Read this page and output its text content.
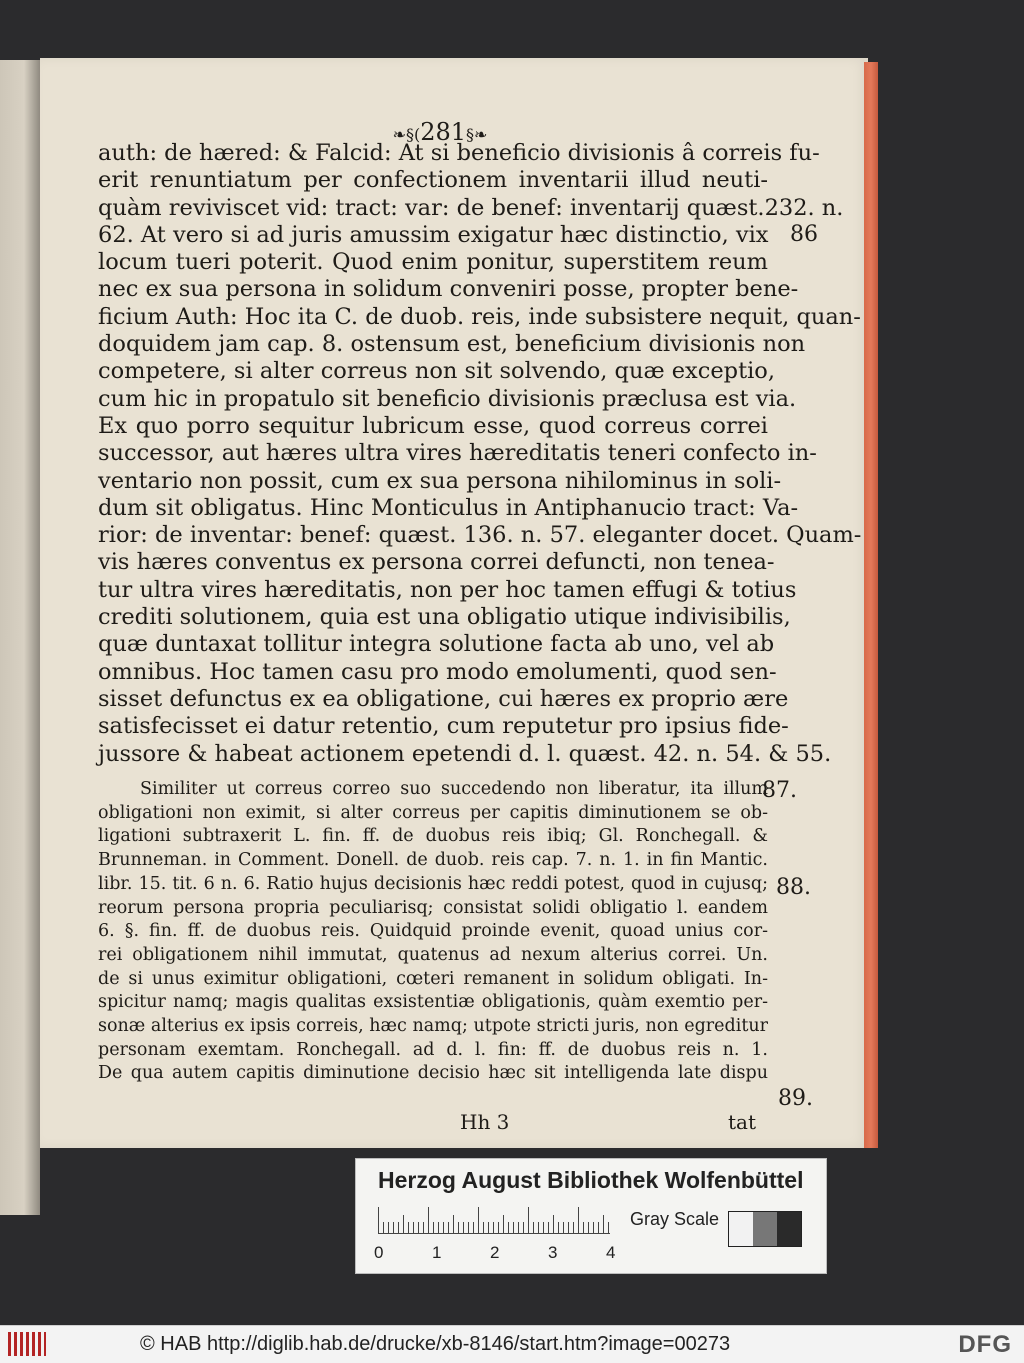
❧§(281§❧
auth: de hæred: & Falcid: At si beneficio divisionis â correis fu-
erit renuntiatum per confectionem inventarii illud neuti-
quàm reviviscet vid: tract: var: de benef: inventarij quæst.232. n.
62. At vero si ad juris amussim exigatur hæc distinctio, vix
locum tueri poterit. Quod enim ponitur, superstitem reum
nec ex sua persona in solidum conveniri posse, propter bene-
ficium Auth: Hoc ita C. de duob. reis, inde subsistere nequit, quan-
doquidem jam cap. 8. ostensum est, beneficium divisionis non
competere, si alter correus non sit solvendo, quæ exceptio,
cum hic in propatulo sit beneficio divisionis præclusa est via.
Ex quo porro sequitur lubricum esse, quod correus correi
successor, aut hæres ultra vires hæreditatis teneri confecto in-
ventario non possit, cum ex sua persona nihilominus in soli-
dum sit obligatus. Hinc Monticulus in Antiphanucio tract: Va-
rior: de inventar: benef: quæst. 136. n. 57. eleganter docet. Quam-
vis hæres conventus ex persona correi defuncti, non tenea-
tur ultra vires hæreditatis, non per hoc tamen effugi & totius
crediti solutionem, quia est una obligatio utique indivisibilis,
quæ duntaxat tollitur integra solutione facta ab uno, vel ab
omnibus. Hoc tamen casu pro modo emolumenti, quod sen-
sisset defunctus ex ea obligatione, cui hæres ex proprio ære
satisfecisset ei datur retentio, cum reputetur pro ipsius fide-
jussore & habeat actionem epetendi d. l. quæst. 42. n. 54. & 55.
Similiter ut correus correo suo succedendo non liberatur, ita illum
obligationi non eximit, si alter correus per capitis diminutionem se ob-
ligationi subtraxerit L. fin. ff. de duobus reis ibiq; Gl. Ronchegall. &
Brunneman. in Comment. Donell. de duob. reis cap. 7. n. 1. in fin Mantic.
libr. 15. tit. 6 n. 6. Ratio hujus decisionis hæc reddi potest, quod in cujusq;
reorum persona propria peculiarisq; consistat solidi obligatio l. eandem
6. §. fin. ff. de duobus reis. Quidquid proinde evenit, quoad unius cor-
rei obligationem nihil immutat, quatenus ad nexum alterius correi. Un.
de si unus eximitur obligationi, cœteri remanent in solidum obligati. In-
spicitur namq; magis qualitas exsistentiæ obligationis, quàm exemtio per-
sonæ alterius ex ipsis correis, hæc namq; utpote stricti juris, non egreditur
personam exemtam. Ronchegall. ad d. l. fin: ff. de duobus reis n. 1.
De qua autem capitis diminutione decisio hæc sit intelligenda late dispu
86
87.
88.
89.
Hh 3	tat
Herzog August Bibliothek Wolfenbüttel
0	1	2	3	4
Gray Scale
© HAB http://diglib.hab.de/drucke/xb-8146/start.htm?image=00273	DFG
